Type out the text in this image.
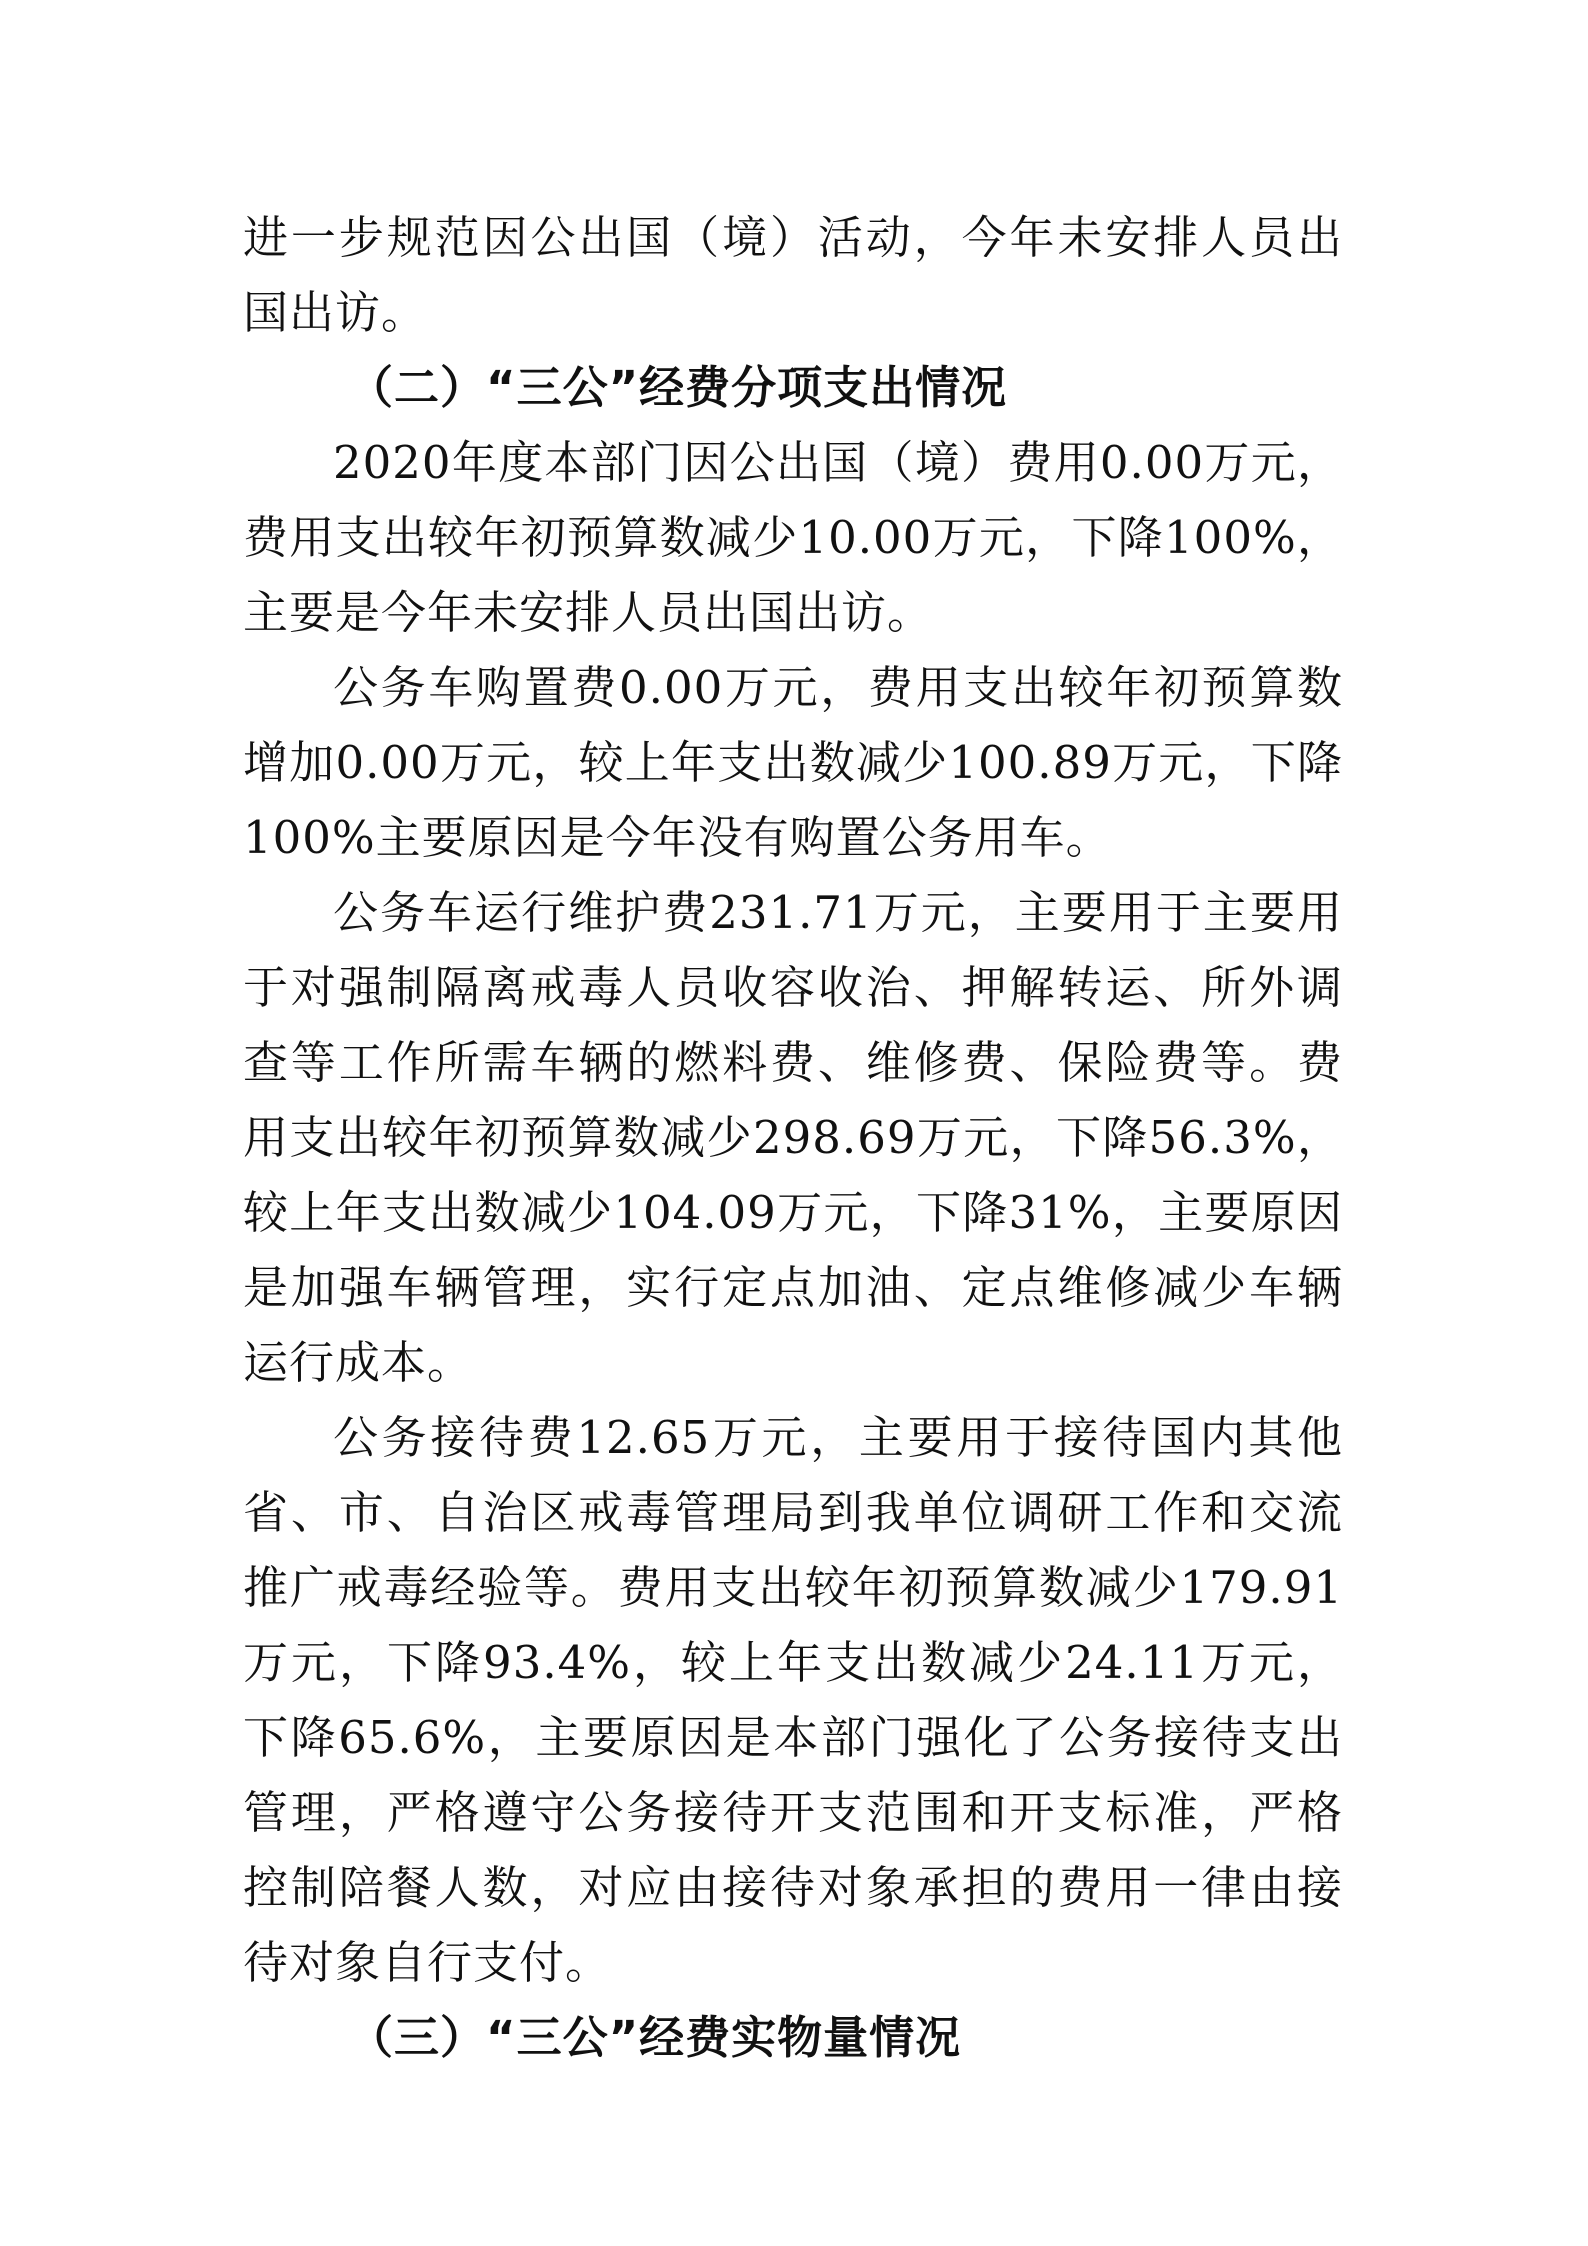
进一步规范因公出国（境）活动，今年未安排人员出国出访。

（二）“三公”经费分项支出情况

2020年度本部门因公出国（境）费用0.00万元，费用支出较年初预算数减少10.00万元，下降100%，主要是今年未安排人员出国出访。

公务车购置费0.00万元，费用支出较年初预算数增加0.00万元，较上年支出数减少100.89万元，下降100%主要原因是今年没有购置公务用车。

公务车运行维护费231.71万元，主要用于主要用于对强制隔离戒毒人员收容收治、押解转运、所外调查等工作所需车辆的燃料费、维修费、保险费等。费用支出较年初预算数减少298.69万元，下降56.3%，较上年支出数减少104.09万元，下降31%，主要原因是加强车辆管理，实行定点加油、定点维修减少车辆运行成本。

公务接待费12.65万元，主要用于接待国内其他省、市、自治区戒毒管理局到我单位调研工作和交流推广戒毒经验等。费用支出较年初预算数减少179.91万元，下降93.4%，较上年支出数减少24.11万元，下降65.6%，主要原因是本部门强化了公务接待支出管理，严格遵守公务接待开支范围和开支标准，严格控制陪餐人数，对应由接待对象承担的费用一律由接待对象自行支付。

（三）“三公”经费实物量情况
